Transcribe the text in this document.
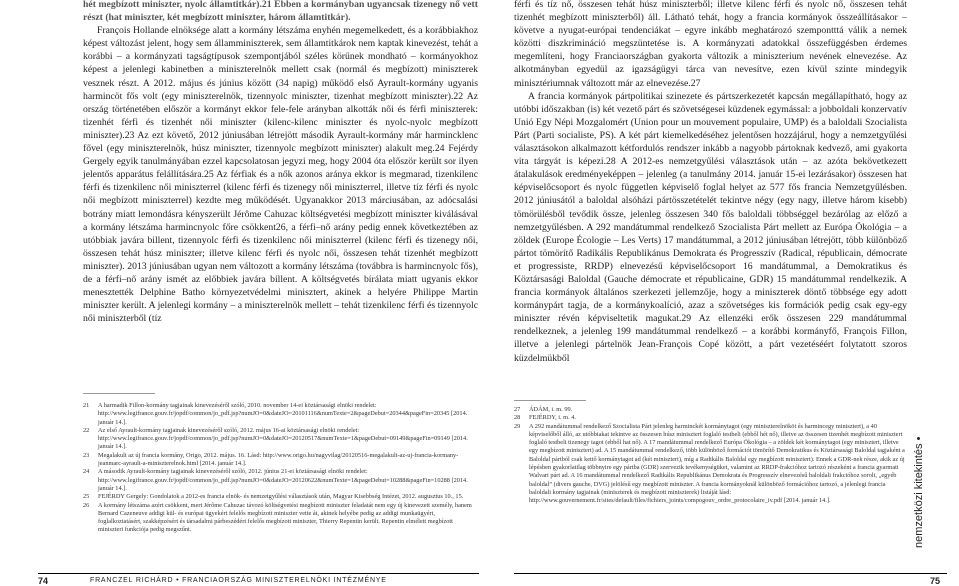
hét megbízott miniszter, nyolc államtitkár).21 Ebben a kormányban ugyancsak tizenegy nő vett részt (hat miniszter, két megbízott miniszter, három államtitkár).

François Hollande elnöksége alatt a kormány létszáma enyhén megemelkedett, és a korábbiakhoz képest változást jelent, hogy sem államminiszterek, sem államtitkárok nem kaptak kinevezést, tehát a korábbi – a kormányzati tagságtípusok szempontjából széles körűnek mondható – kormányokhoz képest a jelenlegi kabinetben a miniszterelnök mellett csak (normál és megbízott) miniszterek vesznek részt. A 2012. május és június között (34 napig) működő első Ayrault-kormány ugyanis harmincöt fős volt (egy miniszterelnök, tizennyolc miniszter, tizenhat megbízott miniszter).22 Az ország történetében először a kormányt ekkor fele-fele arányban alkották női és férfi miniszterek: tizenhét férfi és tizenhét női miniszter (kilenc-kilenc miniszter és nyolc-nyolc megbízott miniszter).23 Az ezt követő, 2012 júniusában létrejött második Ayrault-kormány már harmincklenc fővel (egy miniszterelnök, húsz miniszter, tizennyolc megbízott miniszter) alakult meg.24 Fejérdy Gergely egyik tanulmányában ezzel kapcsolatosan jegyzi meg, hogy 2004 óta először került sor ilyen jelentős apparátus felállítására.25 Az férfiak és a nők azonos aránya ekkor is megmarad, tizenkilenc férfi és tizenkilenc női miniszterrel (kilenc férfi és tizenegy női miniszterrel, illetve tíz férfi és nyolc női megbízott miniszterrel) kezdte meg működését. Ugyanakkor 2013 márciusában, az adócsalási botrány miatt lemondásra kényszerült Jérôme Cahuzac költségvetési megbízott miniszter kiválásával a kormány létszáma harmincnyolc főre csökkent26, a férfi–nő arány pedig ennek következtében az utóbbiak javára billent, tizennyolc férfi és tizenkilenc női miniszterrel (kilenc férfi és tizenegy női, összesen tehát húsz miniszter; illetve kilenc férfi és nyolc női, összesen tehát tizenhét megbízott miniszter). 2013 júniusában ugyan nem változott a kormány létszáma (továbbra is harmincnyolc fős), de a férfi–nő arány ismét az előbbiek javára billent. A költségvetés bírálata miatt ugyanis ekkor menesztették Delphine Batho környezetvédelmi minisztert, akinek a helyére Philippe Martin miniszter került. A jelenlegi kormány – a miniszterelnök mellett – tehát tizenkilenc férfi és tizennyolc női miniszterből (tíz

21	A harmadik Fillon-kormány tagjainak kinevezéséről szóló, 2010. november 14-ei köztársasági elnöki rendelet: http://www.legifrance.gouv.fr/jopdf/common/jo_pdf.jsp?numJO=0&dateJO=20101116&numTexte=2&pageDebut=20344&pageFin=20345 [2014. január 14.].
22	Az első Ayrault-kormány tagjainak kinevezéséről szóló, 2012. május 16-ai köztársasági elnöki rendelet: http://www.legifrance.gouv.fr/jopdf/common/jo_pdf.jsp?numJO=0&dateJO=20120517&numTexte=1&pageDebut=09149&pageFin=09149 [2014. január 14.].
23	Megalakult az új francia kormány, Origo, 2012. május. 16. Lásd: http://www.origo.hu/nagyvilag/20120516-megalakult-az-uj-francia-kormany-jeanmarc-ayrault-a-miniszterelnok.html [2014. január 14.].
24	A második Ayrault-kormány tagjainak kinevezéséről szóló, 2012. június 21-ei köztársasági elnöki rendelet: http://www.legifrance.gouv.fr/jopdf/common/jo_pdf.jsp?numJO=0&dateJO=20120622&numTexte=1&pageDebut=10288&pageFin=10288 [2014. január 14.].
25	FEJÉRDY Gergely: Gondolatok a 2012-es francia elnök- és nemzetgyűlési választások után, Magyar Kisebbség Intézet, 2012. augusztus 10., 15.
26	A kormány létszáma azért csökkent, mert Jérôme Cahuzac távozó költségvetési megbízott miniszter feladatát nem egy új kinevezett személy, hanem Bernard Cazeneuve addigi kül- és európai ügyekért felelős megbízott miniszter vette át, akinek helyébe pedig az addigi munkaügyért, foglalkoztatásért, szakképzésért és társadalmi párbeszédért felelős megbízott miniszter, Thierry Repentin került. Repentin elmélett megbízott miniszteri funkciója pedig megszűnt.

férfi és tíz nő, összesen tehát húsz miniszterből; illetve kilenc férfi és nyolc nő, összesen tehát tizenhét megbízott miniszterből) áll. Látható tehát, hogy a francia kormányok összeállításakor – követve a nyugat-európai tendenciákat – egyre inkább meghatározó szempontttá válik a nemek közötti diszkrimináció megszüntetése is. A kormányzati adatokkal összefüggésben érdemes megemlíteni, hogy Franciaországban gyakorta változik a miniszterium nevének elnevezése. Az alkotmányban egyedül az igazságügyi tárca van nevesítve, ezen kívül szinte mindegyik minisztériumnak változott már az elnevezése.27

A francia kormányok pártpolitikai szinezete és pártszerkezetét kapcsán megállapítható, hogy az utóbbi időszakban (is) két vezető párt és szövetségesei küzdenek egymással: a jobboldali konzervatív Unió Egy Népi Mozgalomért (Union pour un mouvement populaire, UMP) és a baloldali Szocialista Párt (Parti socialiste, PS). A két párt kiemelkedéséhez jelentősen hozzájárul, hogy a nemzetgyűlési választásokon alkalmazott kétfordulós rendszer inkább a nagyobb pártoknak kedvező, ami gyakorta vita tárgyát is képezi.28 A 2012-es nemzetgyűlési választások után – az azóta bekövetkezett átalakulások eredményeképpen – jelenleg (a tanulmány 2014. január 15-ei lezárásakor) összesen hat képviselőcsoport és nyolc független képviselő foglal helyet az 577 fős francia Nemzetgyűlésben. 2012 júniusától a baloldal alsóházi pártösszetételét tekintve négy (egy nagy, illetve három kisebb) tömörülésből tevődik össze, jelenleg összesen 340 fős baloldali többséggel bezárólag az előző a nemzetgyűlésben. A 292 mandátummal rendelkező Szocialista Párt mellett az Európa Ökológia – a zöldek (Europe Écologie – Les Verts) 17 mandátummal, a 2012 júniusában létrejött, több különböző pártot tömörítő Radikális Republikánus Demokrata és Progresszív (Radical, républicain, démocrate et progressiste, RRDP) elnevezésű képviselőcsoport 16 mandátummal, a Demokratikus és Köztársasági Baloldal (Gauche démocrate et républicaine, GDR) 15 mandátummal rendelkezik. A francia kormányok általános szerkezeti jellemzője, hogy a miniszterek döntő többsége egy adott kormánypárt tagja, de a kormánykoalíció, azaz a szövetséges kis formációk pedig csak egy-egy miniszter révén képviseltetik magukat.29 Az ellenzéki erők összesen 229 mandátummal rendelkeznek, a jelenleg 199 mandátummal rendelkező – a korábbi kormányfő, François Fillon, illetve a jelenlegi pártelnök Jean-François Copé között, a párt vezetéséért folytatott szoros küzdelmükből

27	ÁDÁM, i. m. 99.
28	FEJÉRDY, i. m. 4.
29	A 292 mandátummal rendelkező Szocialista Párt jelenleg harminckét kormánytagot (egy miniszterelnököt és harmincegy minisztert), a 40 képviselőből álló, az utóbbiakat tekintve az összesen húsz minisztert foglaló testbeli (ebből hét nő), illetve az összesen tizenhét megbízott minisztert foglaló testbeli tizenegy tagot (ebből hat nő). A 17 mandátummal rendelkező Európa Ökológia – a zöldek két kormánytagot (egy minisztert, illetve egy megbízott minisztert) ad. A 15 mandátummal rendelkező, több különböző formációt tömörítő Demokratikus és Köztársasági Baloldal tagjaként a Baloldal pártból csak kettő kormánytagot ad (két minisztert), míg a Radikális Baloldal egy megbízott minisztert). Ennek a GDR-nek része, akik az új lépésben gyakorlatilag többnyire egy pártba (GDR) szervezik tevékenységüket, valamint az RRDP-frakcióhoz tartozó részeként a francia gyarmati Walvari párt ad. A 16 mandátummal rendelkező Radikális Republikánus Demokrata és Progresszív elnevezésű baloldali frakcióhoz sorolt, „egyéb baloldal” (divers gauche, DVG) jelölésű egy megbízott miniszter. A francia kormányoknál különböző formációhoz tartozó, a jelenlegi francia baloldali kormány tagjainak (miniszterek és megbízott miniszterek) listáját lásd: http://www.gouvernement.fr/sites/default/files/fichiers_joints/compogouv_ordre_protocolaire_iv.pdf [2014. január 14.].	nemzetközi kitekintés •
74	FRANCZEL RICHÁRD • FRANCIAORSZÁG MINISZTERELNÖKI INTÉZMÉNYE	75
